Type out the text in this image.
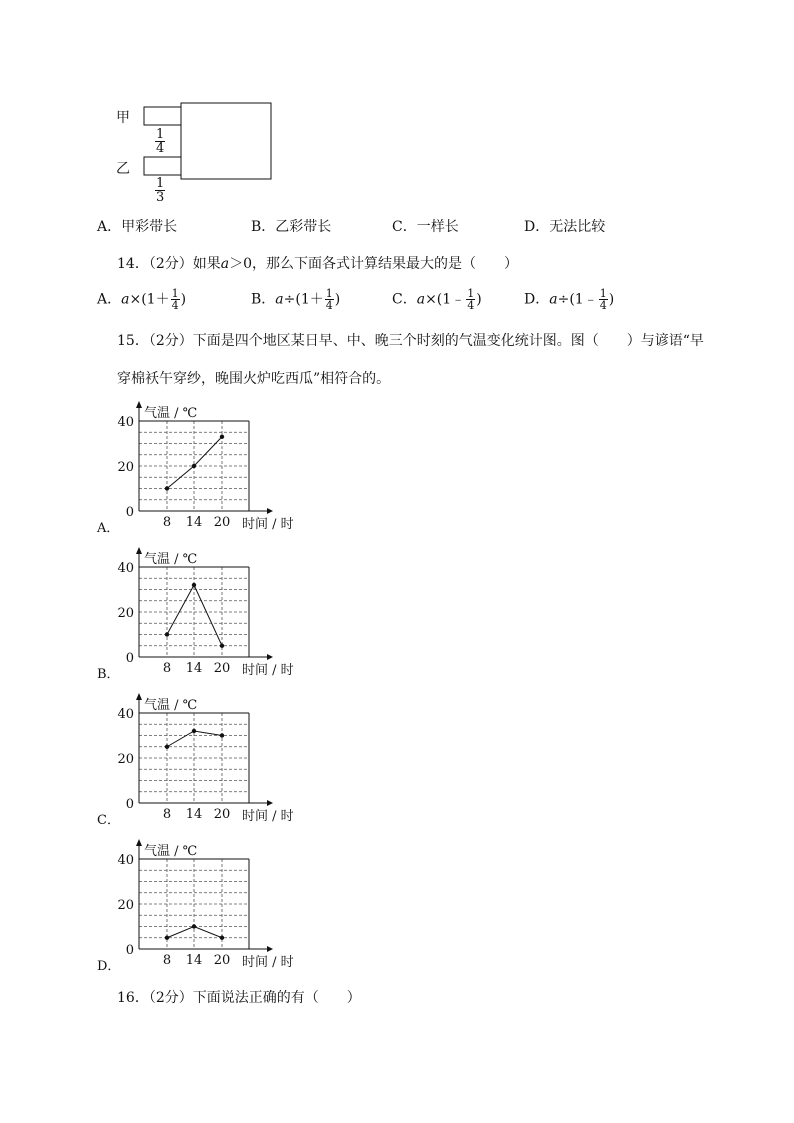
甲
乙
$\frac{1}{4}$
$\frac{1}{3}$
A．甲彩带长	B．乙彩带长	C．一样长	D．无法比较
14．（2分）如果a＞0，那么下面各式计算结果最大的是（　　）
A．$a\times(1+ \frac{1}{4}$ )	B．$a\div(1+ \frac{1}{4}$ )	C．a×(1﹣ $\frac{1}{4}$ )	D．a÷(1﹣ $\frac{1}{4}$ )
15．（2分）下面是四个地区某日早、中、晚三个时刻的气温变化统计图。图（　　）与谚语“早
穿棉袄午穿纱，晚围火炉吃西瓜”相符合的。
0
20
40
8 14 20
气温 / ℃
时间 / 时
A．
0
20
40
8 14 20
气温 / ℃
时间 / 时
B．
0
20
40
8 14 20
气温 / ℃
时间 / 时
C．
0
20
40
8 14 20
气温 / ℃
时间 / 时
D．
16．（2分）下面说法正确的有（　　）
